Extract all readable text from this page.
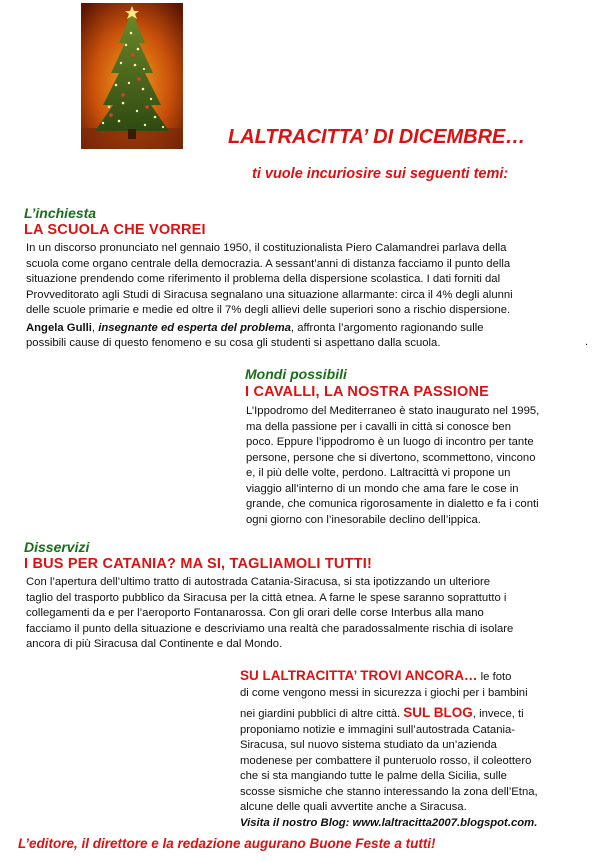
LALTRACITTA’ DI DICEMBRE…
ti vuole incuriosire sui seguenti temi:
L’inchiesta
LA SCUOLA CHE VORREI
In un discorso pronunciato nel gennaio 1950, il costituzionalista Piero Calamandrei parlava della
scuola come organo centrale della democrazia. A sessant’anni di distanza facciamo il punto della
situazione prendendo come riferimento il problema della dispersione scolastica. I dati forniti dal
Provveditorato agli Studi di Siracusa segnalano una situazione allarmante: circa il 4% degli alunni
delle scuole primarie e medie ed oltre il 7% degli allievi delle superiori sono a rischio dispersione.
Angela Gulli, insegnante ed esperta del problema, affronta l’argomento ragionando sulle
possibili cause di questo fenomeno e su cosa gli studenti si aspettano dalla scuola.	.
Mondi possibili
I CAVALLI, LA NOSTRA PASSIONE
L’Ippodromo del Mediterraneo è stato inaugurato nel 1995,
ma della passione per i cavalli in città si conosce ben
poco. Eppure l’ippodromo è un luogo di incontro per tante
persone, persone che si divertono, scommettono, vincono
e, il più delle volte, perdono. Laltracittà vi propone un
viaggio all’interno di un mondo che ama fare le cose in
grande, che comunica rigorosamente in dialetto e fa i conti
ogni giorno con l’inesorabile declino dell’ippica.
Disservizi
I BUS PER CATANIA? MA SI, TAGLIAMOLI TUTTI!
Con l’apertura dell’ultimo tratto di autostrada Catania-Siracusa, si sta ipotizzando un ulteriore
taglio del trasporto pubblico da Siracusa per la città etnea. A farne le spese saranno soprattutto i
collegamenti da e per l’aeroporto Fontanarossa. Con gli orari delle corse Interbus alla mano
facciamo il punto della situazione e descriviamo una realtà che paradossalmente rischia di isolare
ancora di più Siracusa dal Continente e dal Mondo.
SU LALTRACITTA’ TROVI ANCORA… le foto
di come vengono messi in sicurezza i giochi per i bambini
nei giardini pubblici di altre città. SUL BLOG, invece, ti
proponiamo notizie e immagini sull’autostrada Catania-
Siracusa, sul nuovo sistema studiato da un’azienda
modenese per combattere il punteruolo rosso, il coleottero
che si sta mangiando tutte le palme della Sicilia, sulle
scosse sismiche che stanno interessando la zona dell’Etna,
alcune delle quali avvertite anche a Siracusa.
Visita il nostro Blog: www.laltracitta2007.blogspot.com.
L’editore, il direttore e la redazione augurano Buone Feste a tutti!
